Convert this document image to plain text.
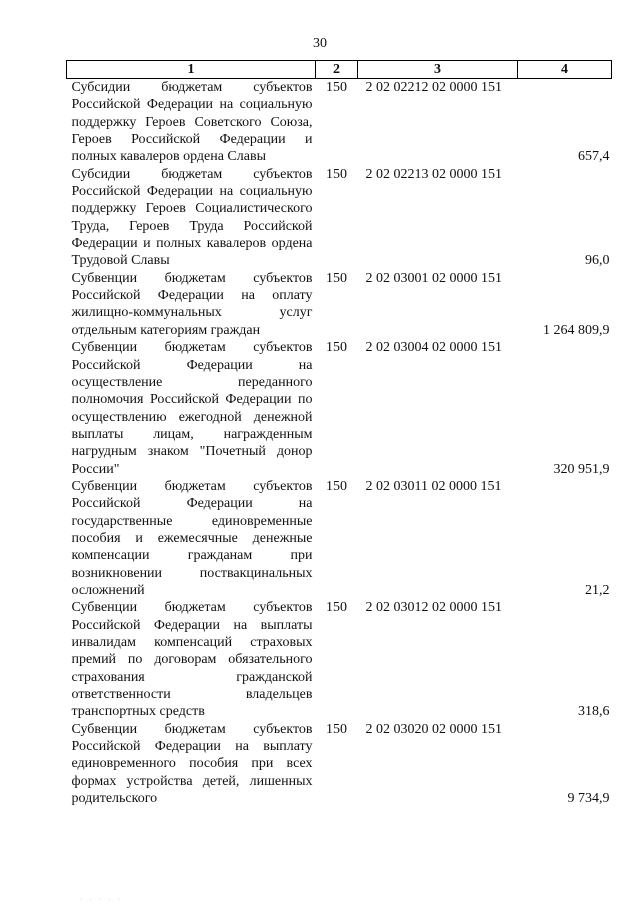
30
1	2	3	4
Субсидии бюджетам субъектов Российской Федерации на социальную поддержку Героев Советского Союза, Героев Российской Федерации и полных кавалеров ордена Славы	150	2 02 02212 02 0000 151	657,4
Субсидии бюджетам субъектов Российской Федерации на социальную поддержку Героев Социалистического Труда, Героев Труда Российской Федерации и полных кавалеров ордена Трудовой Славы	150	2 02 02213 02 0000 151	96,0
Субвенции бюджетам субъектов Российской Федерации на оплату жилищно-коммунальных услуг отдельным категориям граждан	150	2 02 03001 02 0000 151	1 264 809,9
Субвенции бюджетам субъектов Российской Федерации на осуществление переданного полномочия Российской Федерации по осуществлению ежегодной денежной выплаты лицам, награжденным нагрудным знаком "Почетный донор России"	150	2 02 03004 02 0000 151	320 951,9
Субвенции бюджетам субъектов Российской Федерации на государственные единовременные пособия и ежемесячные денежные компенсации гражданам при возникновении поствакцинальных осложнений	150	2 02 03011 02 0000 151	21,2
Субвенции бюджетам субъектов Российской Федерации на выплаты инвалидам компенсаций страховых премий по договорам обязательного страхования гражданской ответственности владельцев транспортных средств	150	2 02 03012 02 0000 151	318,6
Субвенции бюджетам субъектов Российской Федерации на выплату единовременного пособия при всех формах устройства детей, лишенных родительского	150	2 02 03020 02 0000 151	9 734,9
· · · · ·
